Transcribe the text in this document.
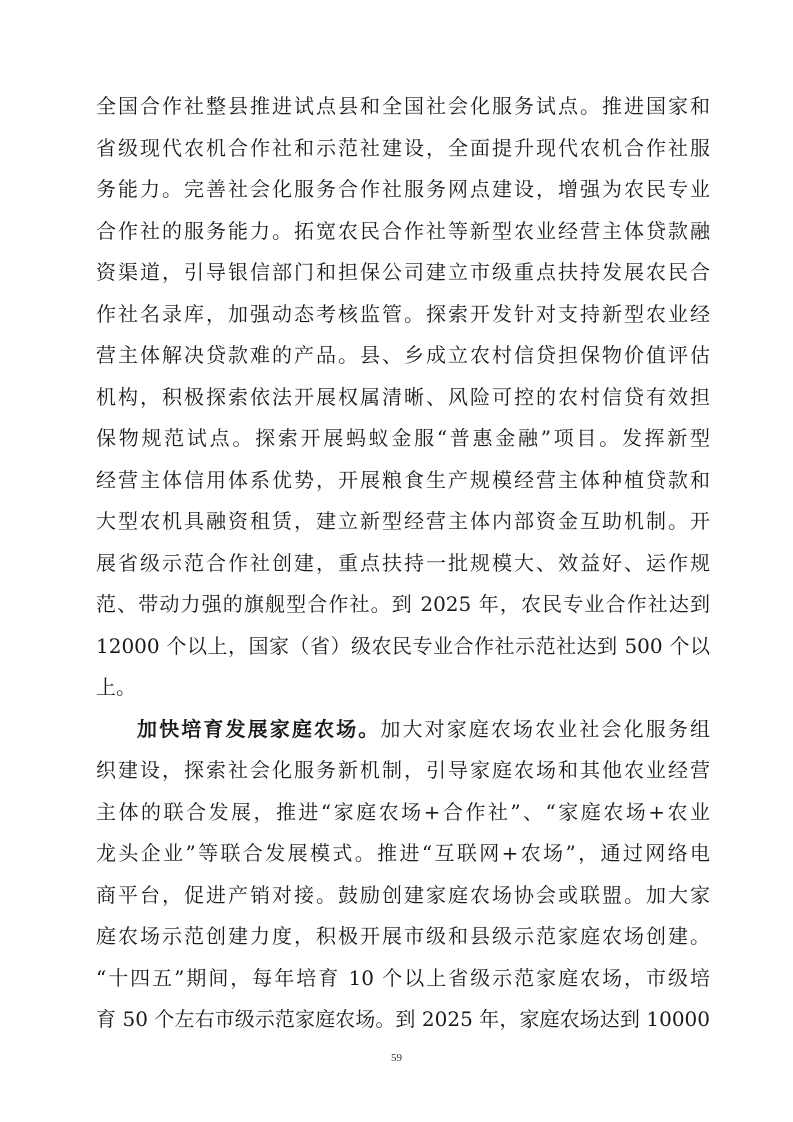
全国合作社整县推进试点县和全国社会化服务试点。推进国家和
省级现代农机合作社和示范社建设，全面提升现代农机合作社服
务能力。完善社会化服务合作社服务网点建设，增强为农民专业
合作社的服务能力。拓宽农民合作社等新型农业经营主体贷款融
资渠道，引导银信部门和担保公司建立市级重点扶持发展农民合
作社名录库，加强动态考核监管。探索开发针对支持新型农业经
营主体解决贷款难的产品。县、乡成立农村信贷担保物价值评估
机构，积极探索依法开展权属清晰、风险可控的农村信贷有效担
保物规范试点。探索开展蚂蚁金服“普惠金融”项目。发挥新型
经营主体信用体系优势，开展粮食生产规模经营主体种植贷款和
大型农机具融资租赁，建立新型经营主体内部资金互助机制。开
展省级示范合作社创建，重点扶持一批规模大、效益好、运作规
范、带动力强的旗舰型合作社。到 2025 年，农民专业合作社达到
12000 个以上，国家（省）级农民专业合作社示范社达到 500 个以
上。
加快培育发展家庭农场。加大对家庭农场农业社会化服务组
织建设，探索社会化服务新机制，引导家庭农场和其他农业经营
主体的联合发展，推进“家庭农场+合作社”、“家庭农场+农业
龙头企业”等联合发展模式。推进“互联网+农场”，通过网络电
商平台，促进产销对接。鼓励创建家庭农场协会或联盟。加大家
庭农场示范创建力度，积极开展市级和县级示范家庭农场创建。
“十四五”期间，每年培育 10 个以上省级示范家庭农场，市级培
育 50 个左右市级示范家庭农场。到 2025 年，家庭农场达到 10000
59
